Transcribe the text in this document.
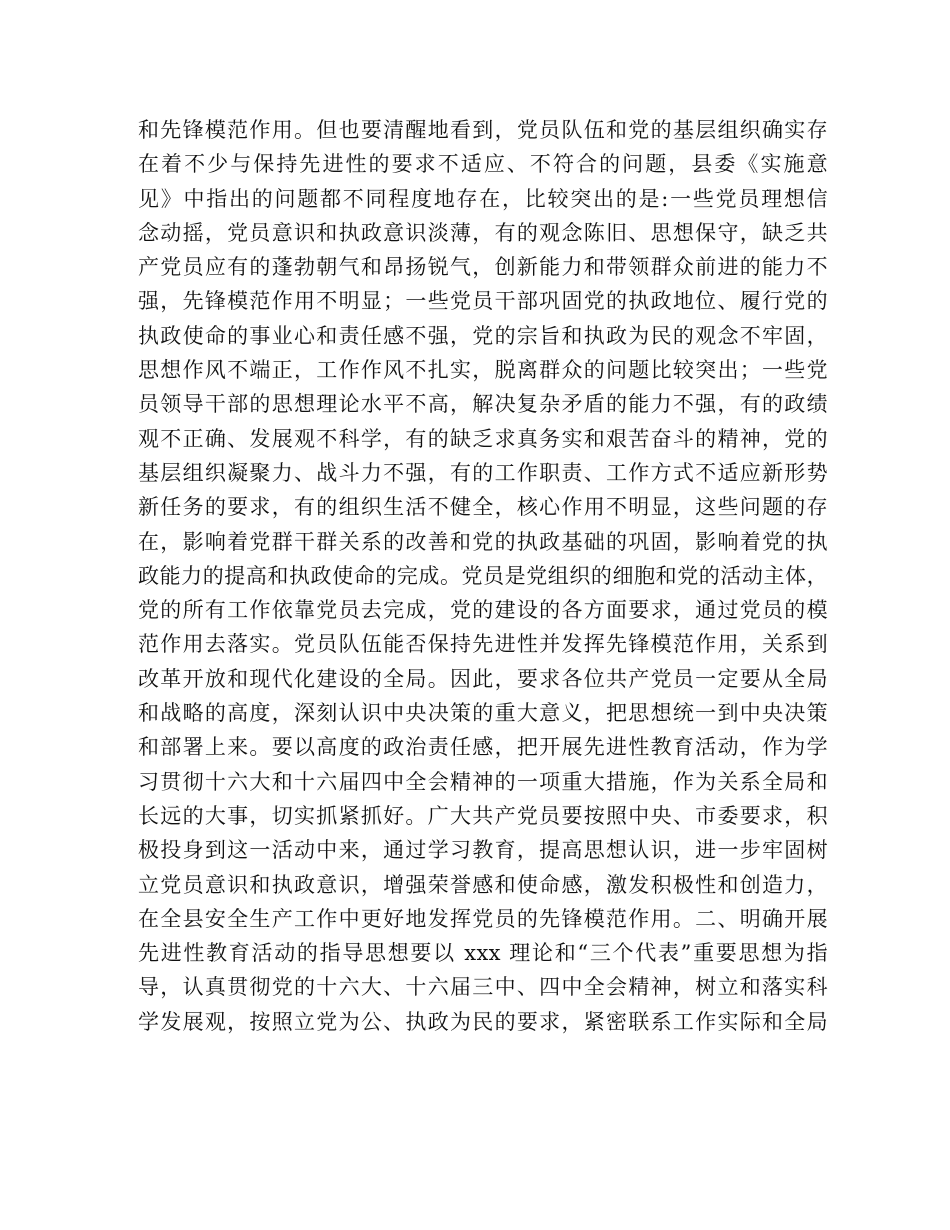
和先锋模范作用。但也要清醒地看到，党员队伍和党的基层组织确实存
在着不少与保持先进性的要求不适应、不符合的问题，县委《实施意
见》中指出的问题都不同程度地存在，比较突出的是:一些党员理想信
念动摇，党员意识和执政意识淡薄，有的观念陈旧、思想保守，缺乏共
产党员应有的蓬勃朝气和昂扬锐气，创新能力和带领群众前进的能力不
强，先锋模范作用不明显；一些党员干部巩固党的执政地位、履行党的
执政使命的事业心和责任感不强，党的宗旨和执政为民的观念不牢固，
思想作风不端正，工作作风不扎实，脱离群众的问题比较突出；一些党
员领导干部的思想理论水平不高，解决复杂矛盾的能力不强，有的政绩
观不正确、发展观不科学，有的缺乏求真务实和艰苦奋斗的精神，党的
基层组织凝聚力、战斗力不强，有的工作职责、工作方式不适应新形势
新任务的要求，有的组织生活不健全，核心作用不明显，这些问题的存
在，影响着党群干群关系的改善和党的执政基础的巩固，影响着党的执
政能力的提高和执政使命的完成。党员是党组织的细胞和党的活动主体，
党的所有工作依靠党员去完成，党的建设的各方面要求，通过党员的模
范作用去落实。党员队伍能否保持先进性并发挥先锋模范作用，关系到
改革开放和现代化建设的全局。因此，要求各位共产党员一定要从全局
和战略的高度，深刻认识中央决策的重大意义，把思想统一到中央决策
和部署上来。要以高度的政治责任感，把开展先进性教育活动，作为学
习贯彻十六大和十六届四中全会精神的一项重大措施，作为关系全局和
长远的大事，切实抓紧抓好。广大共产党员要按照中央、市委要求，积
极投身到这一活动中来，通过学习教育，提高思想认识，进一步牢固树
立党员意识和执政意识，增强荣誉感和使命感，激发积极性和创造力，
在全县安全生产工作中更好地发挥党员的先锋模范作用。二、明确开展
先进性教育活动的指导思想要以 xxx 理论和“三个代表”重要思想为指
导，认真贯彻党的十六大、十六届三中、四中全会精神，树立和落实科
学发展观，按照立党为公、执政为民的要求，紧密联系工作实际和全局
